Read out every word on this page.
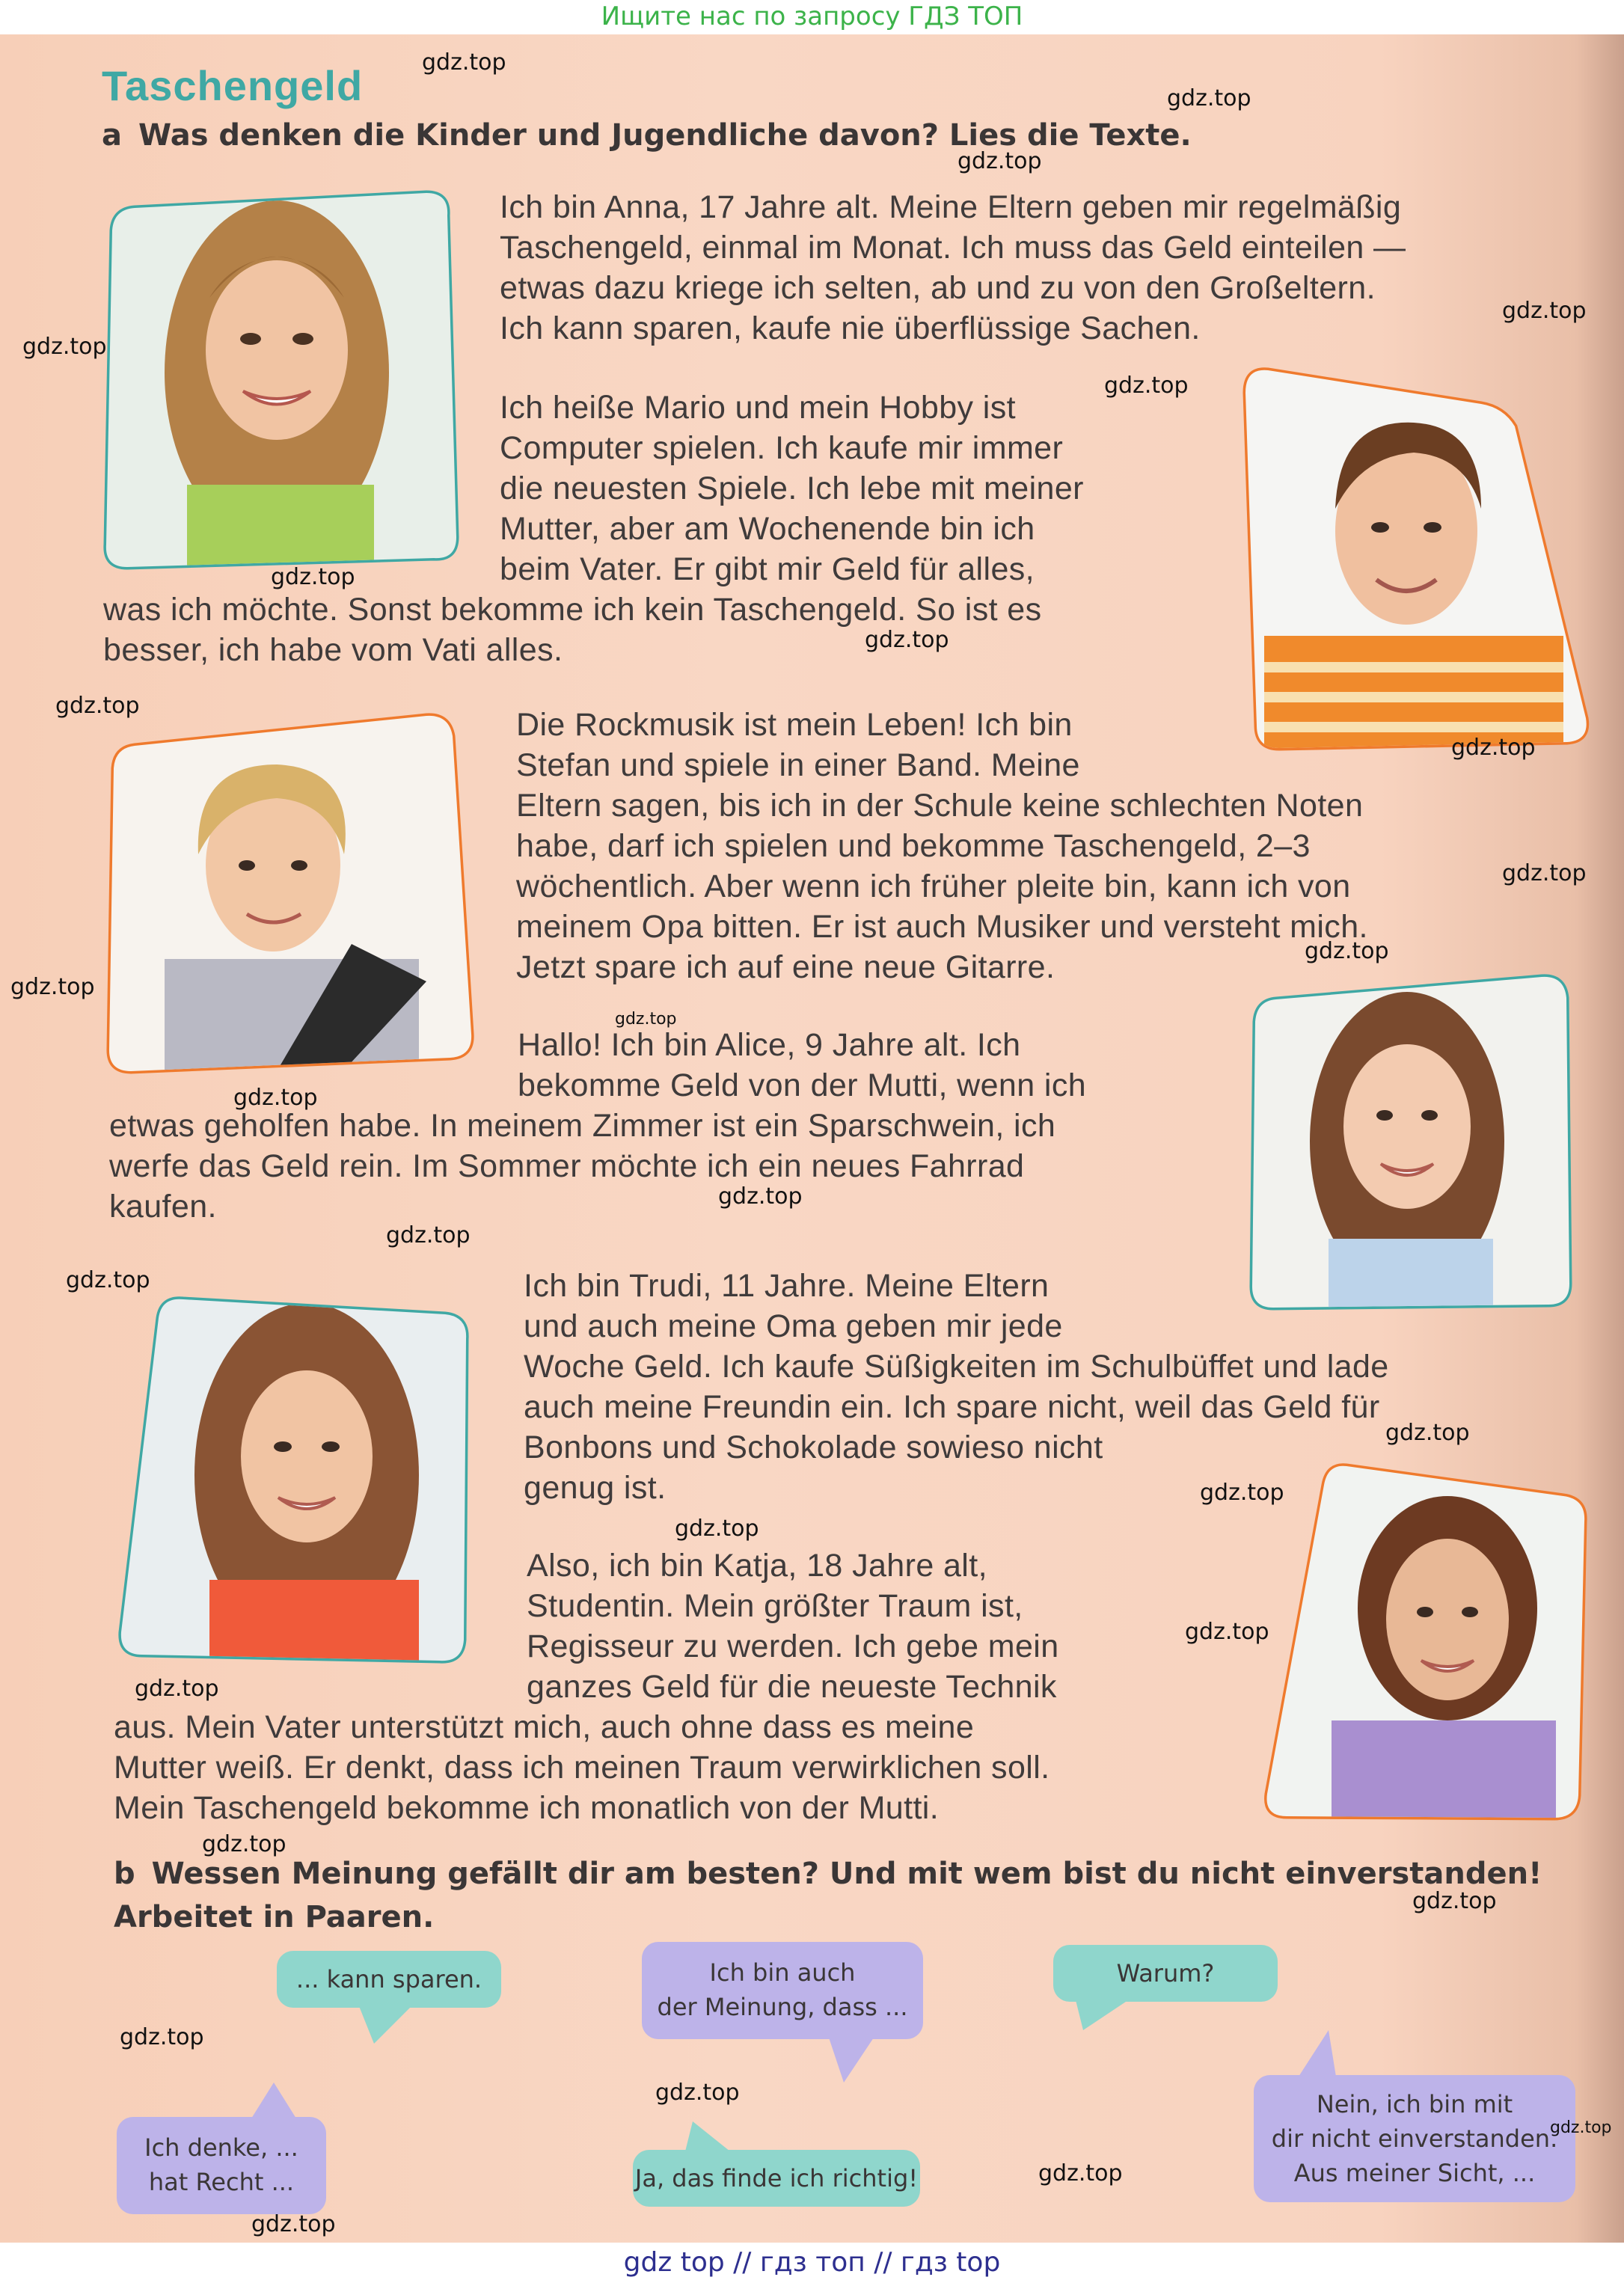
Ищите нас по запросу ГДЗ ТОП
Taschengeld
a Was denken die Kinder und Jugendliche davon? Lies die Texte.
Ich bin Anna, 17 Jahre alt. Meine Eltern geben mir regelmäßig
Taschengeld, einmal im Monat. Ich muss das Geld einteilen —
etwas dazu kriege ich selten, ab und zu von den Großeltern.
Ich kann sparen, kaufe nie überflüssige Sachen.
Ich heiße Mario und mein Hobby ist
Computer spielen. Ich kaufe mir immer
die neuesten Spiele. Ich lebe mit meiner
Mutter, aber am Wochenende bin ich
beim Vater. Er gibt mir Geld für alles,
was ich möchte. Sonst bekomme ich kein Taschengeld. So ist es
besser, ich habe vom Vati alles.
Die Rockmusik ist mein Leben! Ich bin
Stefan und spiele in einer Band. Meine
Eltern sagen, bis ich in der Schule keine schlechten Noten
habe, darf ich spielen und bekomme Taschengeld, 2–3
wöchentlich. Aber wenn ich früher pleite bin, kann ich von
meinem Opa bitten. Er ist auch Musiker und versteht mich.
Jetzt spare ich auf eine neue Gitarre.
Hallo! Ich bin Alice, 9 Jahre alt. Ich
bekomme Geld von der Mutti, wenn ich
etwas geholfen habe. In meinem Zimmer ist ein Sparschwein, ich
werfe das Geld rein. Im Sommer möchte ich ein neues Fahrrad
kaufen.
Ich bin Trudi, 11 Jahre. Meine Eltern
und auch meine Oma geben mir jede
Woche Geld. Ich kaufe Süßigkeiten im Schulbüffet und lade
auch meine Freundin ein. Ich spare nicht, weil das Geld für
Bonbons und Schokolade sowieso nicht
genug ist.
Also, ich bin Katja, 18 Jahre alt,
Studentin. Mein größter Traum ist,
Regisseur zu werden. Ich gebe mein
ganzes Geld für die neueste Technik
aus. Mein Vater unterstützt mich, auch ohne dass es meine
Mutter weiß. Er denkt, dass ich meinen Traum verwirklichen soll.
Mein Taschengeld bekomme ich monatlich von der Mutti.
b Wessen Meinung gefällt dir am besten? Und mit wem bist du nicht einverstanden!
Arbeitet in Paaren.
... kann sparen.	Ich bin auch
der Meinung, dass ...
Warum?
Ich denke, ...
hat Recht ...	Ja, das finde ich richtig!
Nein, ich bin mit
dir nicht einverstanden.
Aus meiner Sicht, ...
gdz.top
gdz.top
gdz.top
gdz.top
gdz.top
gdz.top
gdz.top
gdz.top
gdz.top
gdz.top
gdz.top
gdz.top
gdz.top
gdz.top
gdz.top
gdz.top
gdz.top
gdz.top
gdz.top
gdz.top
gdz.top
gdz.top
gdz.top
gdz.top
gdz.top
gdz.top
gdz.top
gdz.top
gdz.top
gdz.top
gdz top // гдз топ // гдз top
